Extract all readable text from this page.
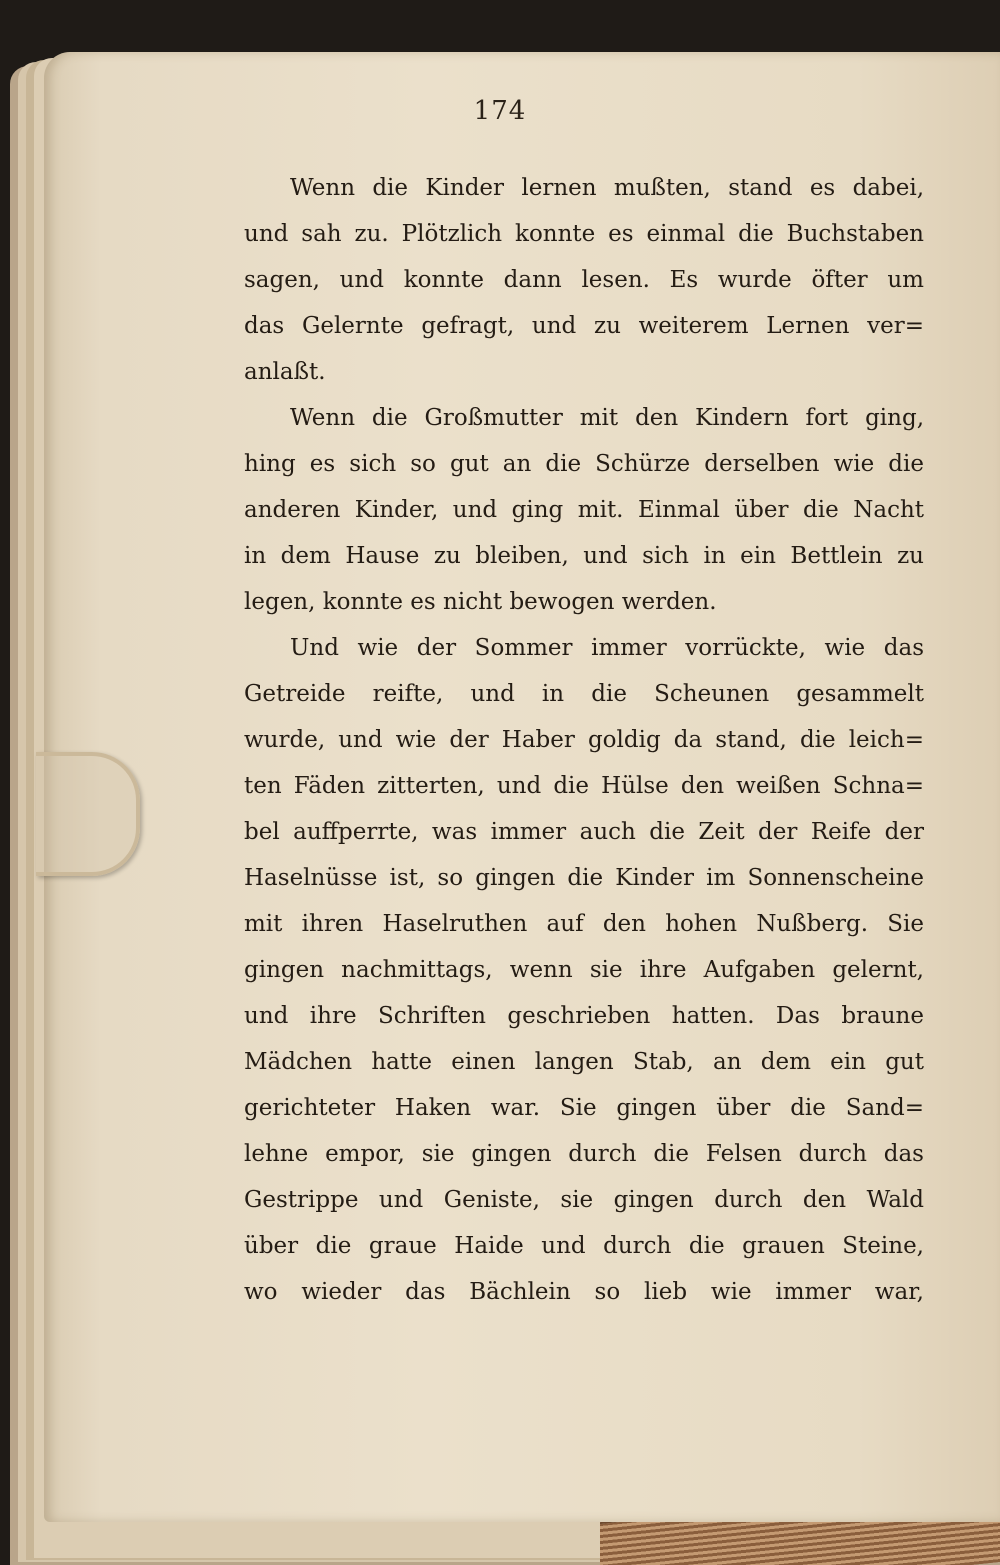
174
Wenn die Kinder lernen mußten, stand es dabei,
und sah zu. Plötzlich konnte es einmal die Buchstaben
sagen, und konnte dann lesen. Es wurde öfter um
das Gelernte gefragt, und zu weiterem Lernen ver=
anlaßt.
Wenn die Großmutter mit den Kindern fort ging,
hing es sich so gut an die Schürze derselben wie die
anderen Kinder, und ging mit. Einmal über die Nacht
in dem Hause zu bleiben, und sich in ein Bettlein zu
legen, konnte es nicht bewogen werden.
Und wie der Sommer immer vorrückte, wie das
Getreide reifte, und in die Scheunen gesammelt
wurde, und wie der Haber goldig da stand, die leich=
ten Fäden zitterten, und die Hülse den weißen Schna=
bel auffperrte, was immer auch die Zeit der Reife der
Haselnüsse ist, so gingen die Kinder im Sonnenscheine
mit ihren Haselruthen auf den hohen Nußberg. Sie
gingen nachmittags, wenn sie ihre Aufgaben gelernt,
und ihre Schriften geschrieben hatten. Das braune
Mädchen hatte einen langen Stab, an dem ein gut
gerichteter Haken war. Sie gingen über die Sand=
lehne empor, sie gingen durch die Felsen durch das
Gestrippe und Geniste, sie gingen durch den Wald
über die graue Haide und durch die grauen Steine,
wo wieder das Bächlein so lieb wie immer war,
